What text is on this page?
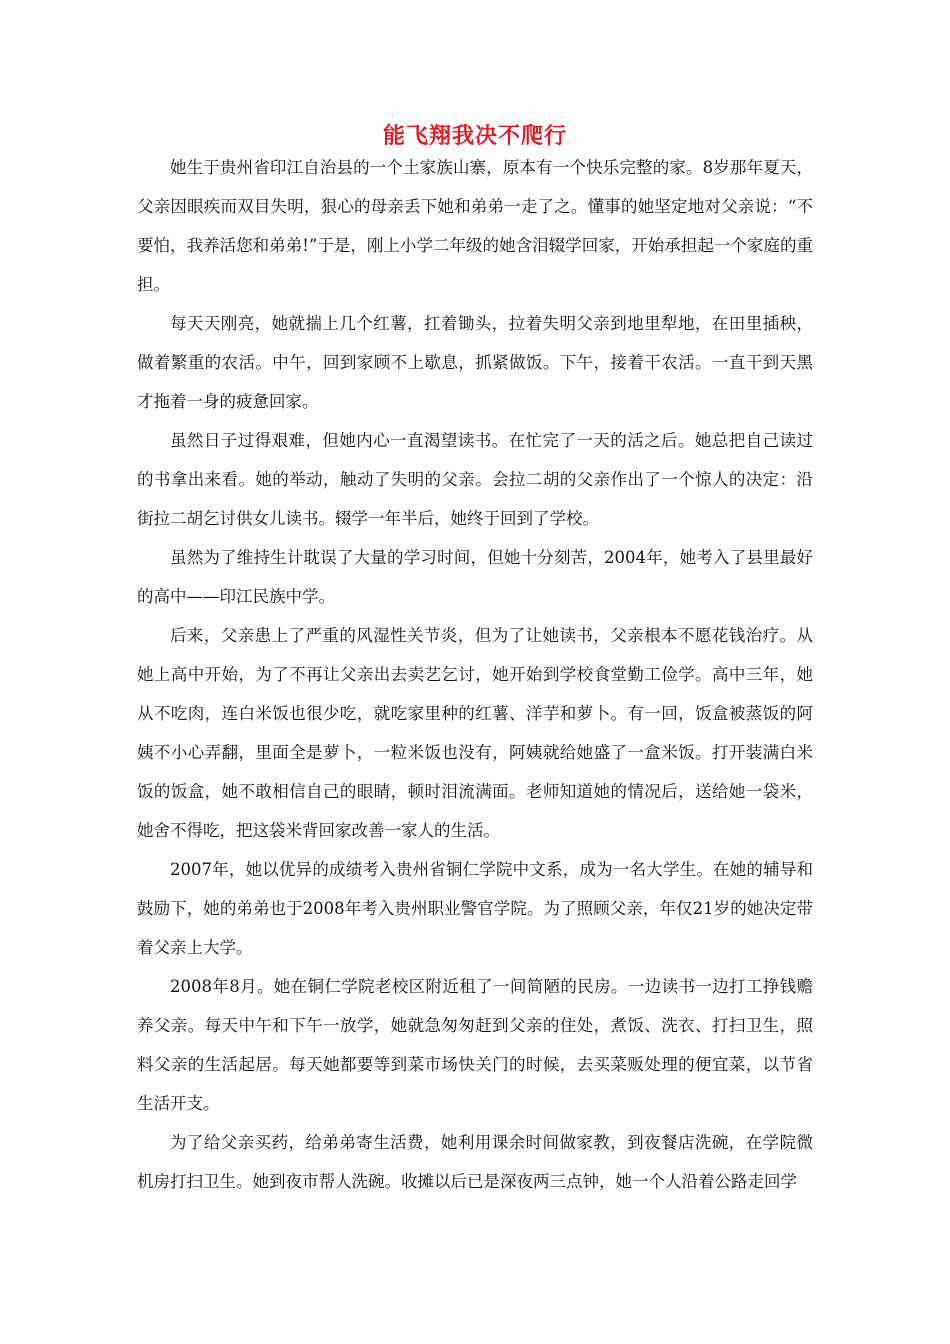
能飞翔我决不爬行

她生于贵州省印江自治县的一个土家族山寨，原本有一个快乐完整的家。8岁那年夏天，父亲因眼疾而双目失明，狠心的母亲丢下她和弟弟一走了之。懂事的她坚定地对父亲说：“不要怕，我养活您和弟弟!”于是，刚上小学二年级的她含泪辍学回家，开始承担起一个家庭的重担。

每天天刚亮，她就揣上几个红薯，扛着锄头，拉着失明父亲到地里犁地，在田里插秧，做着繁重的农活。中午，回到家顾不上歇息，抓紧做饭。下午，接着干农活。一直干到天黑才拖着一身的疲惫回家。

虽然日子过得艰难，但她内心一直渴望读书。在忙完了一天的活之后。她总把自己读过的书拿出来看。她的举动，触动了失明的父亲。会拉二胡的父亲作出了一个惊人的决定：沿街拉二胡乞讨供女儿读书。辍学一年半后，她终于回到了学校。

虽然为了维持生计耽误了大量的学习时间，但她十分刻苦，2004年，她考入了县里最好的高中——印江民族中学。

后来，父亲患上了严重的风湿性关节炎，但为了让她读书，父亲根本不愿花钱治疗。从她上高中开始，为了不再让父亲出去卖艺乞讨，她开始到学校食堂勤工俭学。高中三年，她从不吃肉，连白米饭也很少吃，就吃家里种的红薯、洋芋和萝卜。有一回，饭盒被蒸饭的阿姨不小心弄翻，里面全是萝卜，一粒米饭也没有，阿姨就给她盛了一盒米饭。打开装满白米饭的饭盒，她不敢相信自己的眼睛，顿时泪流满面。老师知道她的情况后，送给她一袋米，她舍不得吃，把这袋米背回家改善一家人的生活。

2007年，她以优异的成绩考入贵州省铜仁学院中文系，成为一名大学生。在她的辅导和鼓励下，她的弟弟也于2008年考入贵州职业警官学院。为了照顾父亲，年仅21岁的她决定带着父亲上大学。

2008年8月。她在铜仁学院老校区附近租了一间简陋的民房。一边读书一边打工挣钱赡养父亲。每天中午和下午一放学，她就急匆匆赶到父亲的住处，煮饭、洗衣、打扫卫生，照料父亲的生活起居。每天她都要等到菜市场快关门的时候，去买菜贩处理的便宜菜，以节省生活开支。

为了给父亲买药，给弟弟寄生活费，她利用课余时间做家教，到夜餐店洗碗，在学院微机房打扫卫生。她到夜市帮人洗碗。收摊以后已是深夜两三点钟，她一个人沿着公路走回学
